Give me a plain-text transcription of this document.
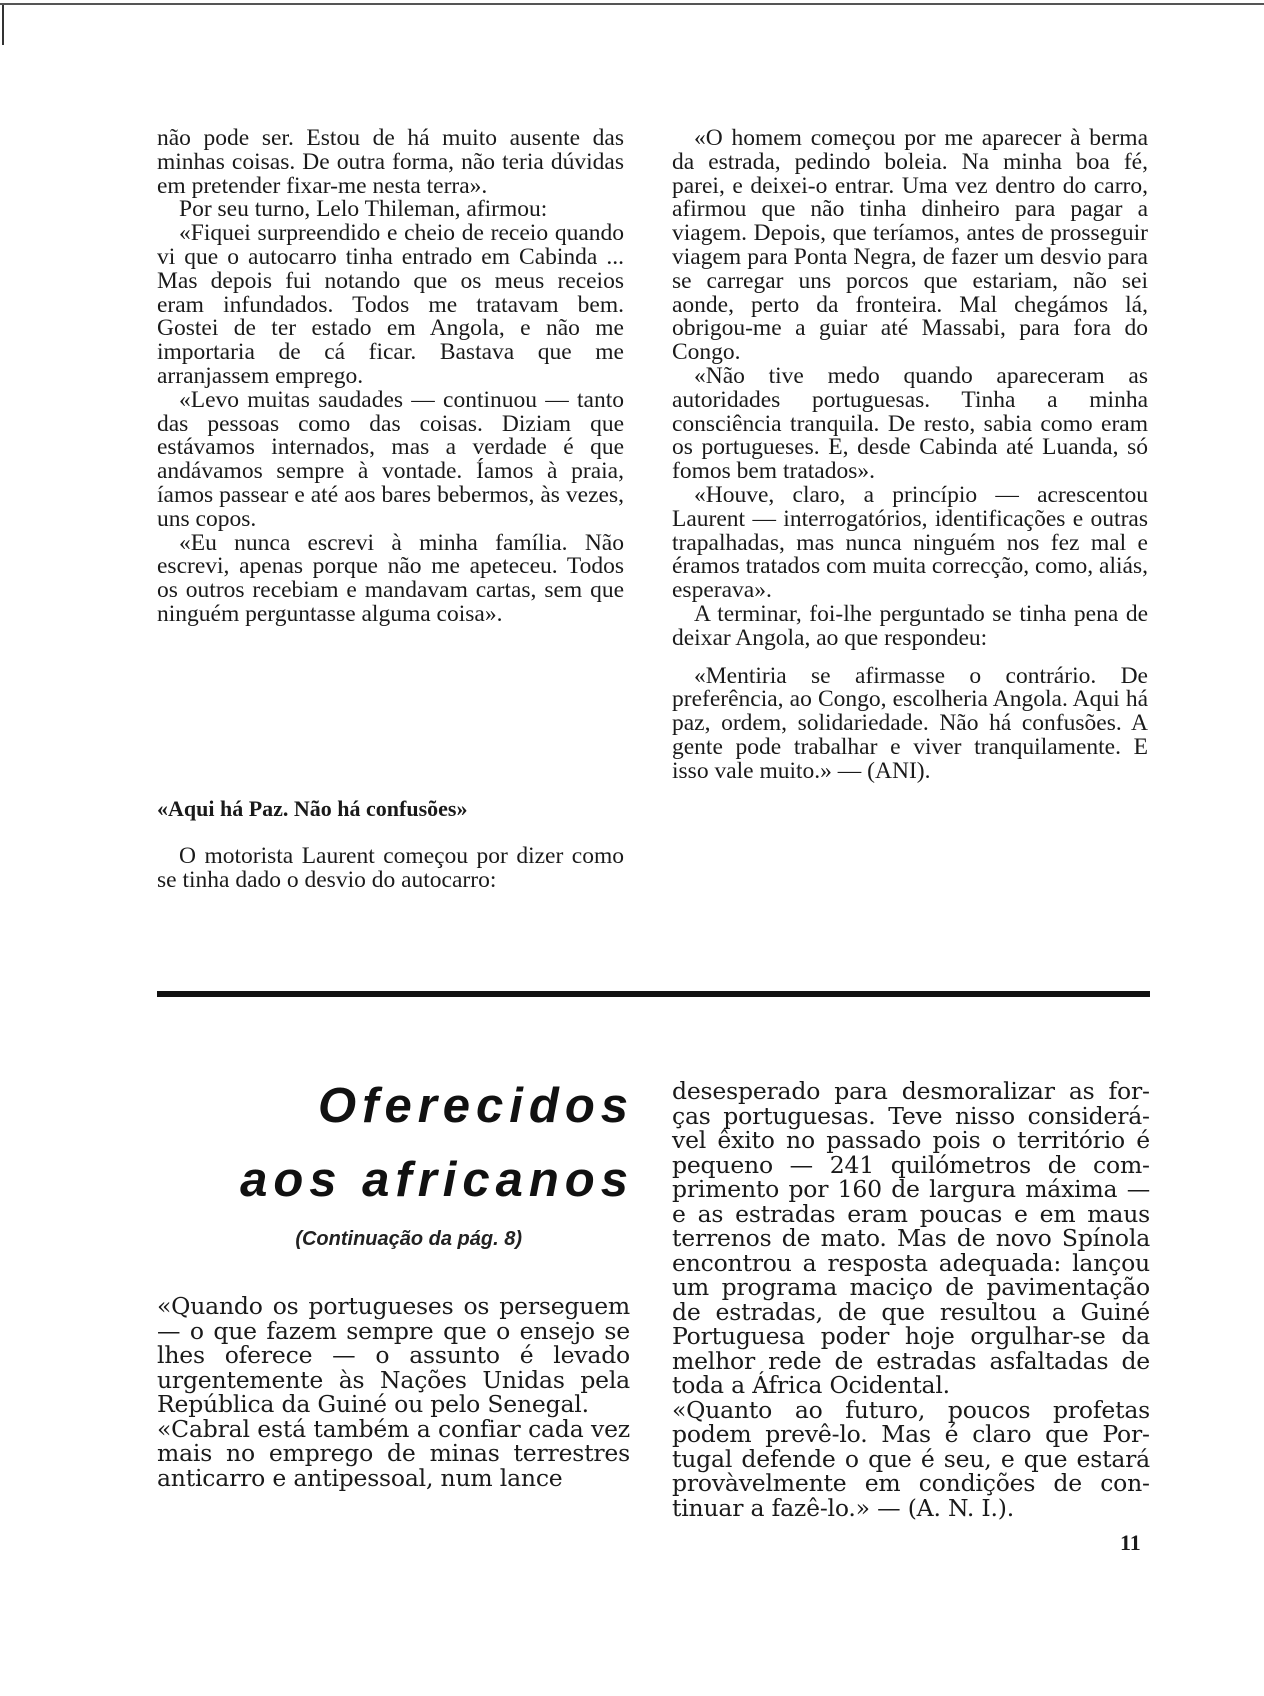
não pode ser. Estou de há muito ausente das minhas coisas. De outra forma, não teria dúvidas em pretender fixar-me nesta terra».

Por seu turno, Lelo Thileman, afirmou:

«Fiquei surpreendido e cheio de receio quando vi que o autocarro tinha entrado em Cabinda ... Mas depois fui notando que os meus receios eram infundados. Todos me tratavam bem. Gostei de ter estado em Angola, e não me importaria de cá ficar. Bastava que me arranjassem emprego.

«Levo muitas saudades — continuou — tanto das pessoas como das coisas. Diziam que estávamos internados, mas a verdade é que andávamos sempre à vontade. Íamos à praia, íamos passear e até aos bares bebermos, às vezes, uns copos.

«Eu nunca escrevi à minha família. Não escrevi, apenas porque não me apeteceu. Todos os outros recebiam e mandavam cartas, sem que ninguém perguntasse alguma coisa».

«Aqui há Paz. Não há confusões»

O motorista Laurent começou por dizer como se tinha dado o desvio do autocarro:

«O homem começou por me aparecer à berma da estrada, pedindo boleia. Na minha boa fé, parei, e deixei-o entrar. Uma vez dentro do carro, afirmou que não tinha dinheiro para pagar a viagem. Depois, que teríamos, antes de prosseguir viagem para Ponta Negra, de fazer um desvio para se carregar uns porcos que estariam, não sei aonde, perto da fronteira. Mal chegámos lá, obrigou-me a guiar até Massabi, para fora do Congo.

«Não tive medo quando apareceram as autoridades portuguesas. Tinha a minha consciência tranquila. De resto, sabia como eram os portugueses. E, desde Cabinda até Luanda, só fomos bem tratados».

«Houve, claro, a princípio — acrescentou Laurent — interrogatórios, identificações e outras trapalhadas, mas nunca ninguém nos fez mal e éramos tratados com muita correcção, como, aliás, esperava».

A terminar, foi-lhe perguntado se tinha pena de deixar Angola, ao que respondeu:

«Mentiria se afirmasse o contrário. De preferência, ao Congo, escolheria Angola. Aqui há paz, ordem, solidariedade. Não há confusões. A gente pode trabalhar e viver tranquilamente. E isso vale muito.» — (ANI).

Oferecidos
aos africanos
(Continuação da pág. 8)

«Quando os portugueses os perseguem — o que fazem sempre que o ensejo se lhes oferece — o assunto é levado urgentemente às Nações Unidas pela República da Guiné ou pelo Senegal.

«Cabral está também a confiar cada vez mais no emprego de minas terrestres anticarro e antipessoal, num lance

desesperado para desmoralizar as forças portuguesas. Teve nisso considerável êxito no passado pois o território é pequeno — 241 quilómetros de comprimento por 160 de largura máxima — e as estradas eram poucas e em maus terrenos de mato. Mas de novo Spínola encontrou a resposta adequada: lançou um programa maciço de pavimentação de estradas, de que resultou a Guiné Portuguesa poder hoje orgulhar-se da melhor rede de estradas asfaltadas de toda a África Ocidental.

«Quanto ao futuro, poucos profetas podem prevê-lo. Mas é claro que Portugal defende o que é seu, e que estará provàvelmente em condições de continuar a fazê-lo.» — (A. N. I.).

11
